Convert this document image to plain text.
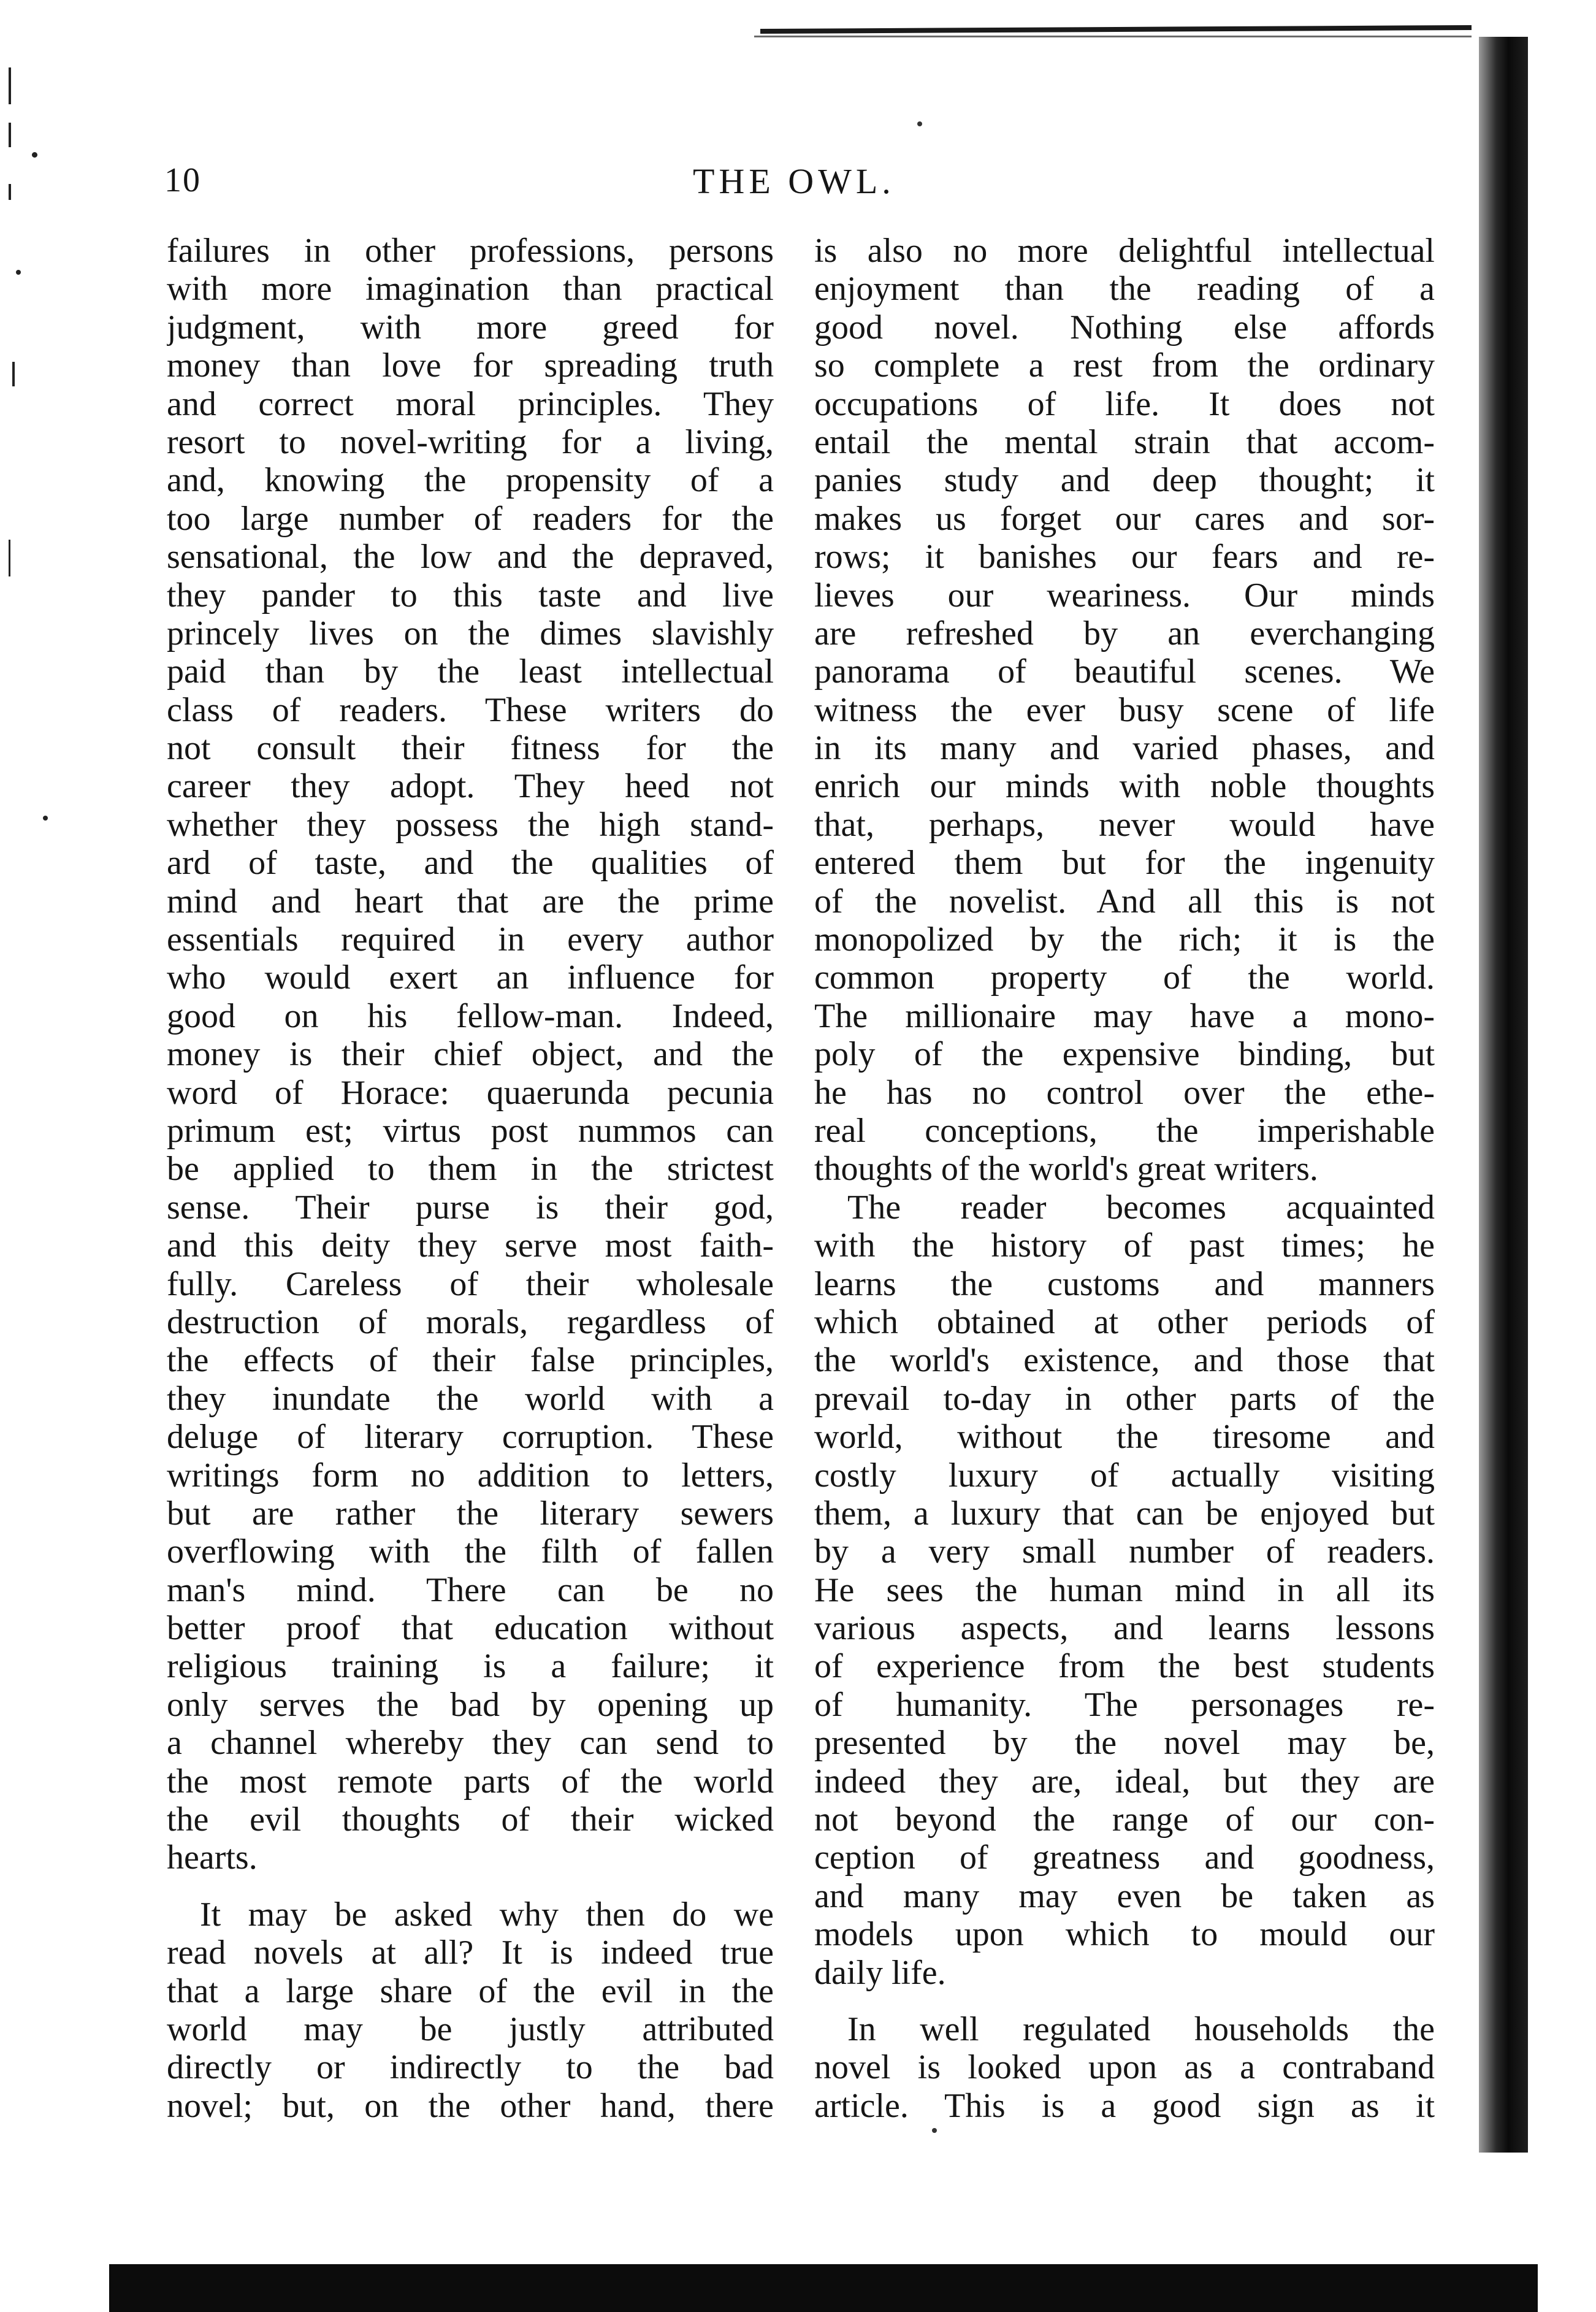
10	THE OWL.
failures in other professions, persons
with more imagination than practical
judgment, with more greed for
money than love for spreading truth
and correct moral principles. They
resort to novel-writing for a living,
and, knowing the propensity of a
too large number of readers for the
sensational, the low and the depraved,
they pander to this taste and live
princely lives on the dimes slavishly
paid than by the least intellectual
class of readers. These writers do
not consult their fitness for the
career they adopt. They heed not
whether they possess the high stand-
ard of taste, and the qualities of
mind and heart that are the prime
essentials required in every author
who would exert an influence for
good on his fellow-man. Indeed,
money is their chief object, and the
word of Horace: quaerunda pecunia
primum est; virtus post nummos can
be applied to them in the strictest
sense. Their purse is their god,
and this deity they serve most faith-
fully. Careless of their wholesale
destruction of morals, regardless of
the effects of their false principles,
they inundate the world with a
deluge of literary corruption. These
writings form no addition to letters,
but are rather the literary sewers
overflowing with the filth of fallen
man's mind. There can be no
better proof that education without
religious training is a failure; it
only serves the bad by opening up
a channel whereby they can send to
the most remote parts of the world
the evil thoughts of their wicked
hearts.
It may be asked why then do we
read novels at all? It is indeed true
that a large share of the evil in the
world may be justly attributed
directly or indirectly to the bad
novel; but, on the other hand, there
is also no more delightful intellectual
enjoyment than the reading of a
good novel. Nothing else affords
so complete a rest from the ordinary
occupations of life. It does not
entail the mental strain that accom-
panies study and deep thought; it
makes us forget our cares and sor-
rows; it banishes our fears and re-
lieves our weariness. Our minds
are refreshed by an everchanging
panorama of beautiful scenes. We
witness the ever busy scene of life
in its many and varied phases, and
enrich our minds with noble thoughts
that, perhaps, never would have
entered them but for the ingenuity
of the novelist. And all this is not
monopolized by the rich; it is the
common property of the world.
The millionaire may have a mono-
poly of the expensive binding, but
he has no control over the ethe-
real conceptions, the imperishable
thoughts of the world's great writers.
The reader becomes acquainted
with the history of past times; he
learns the customs and manners
which obtained at other periods of
the world's existence, and those that
prevail to-day in other parts of the
world, without the tiresome and
costly luxury of actually visiting
them, a luxury that can be enjoyed but
by a very small number of readers.
He sees the human mind in all its
various aspects, and learns lessons
of experience from the best students
of humanity. The personages re-
presented by the novel may be,
indeed they are, ideal, but they are
not beyond the range of our con-
ception of greatness and goodness,
and many may even be taken as
models upon which to mould our
daily life.
In well regulated households the
novel is looked upon as a contraband
article. This is a good sign as it
